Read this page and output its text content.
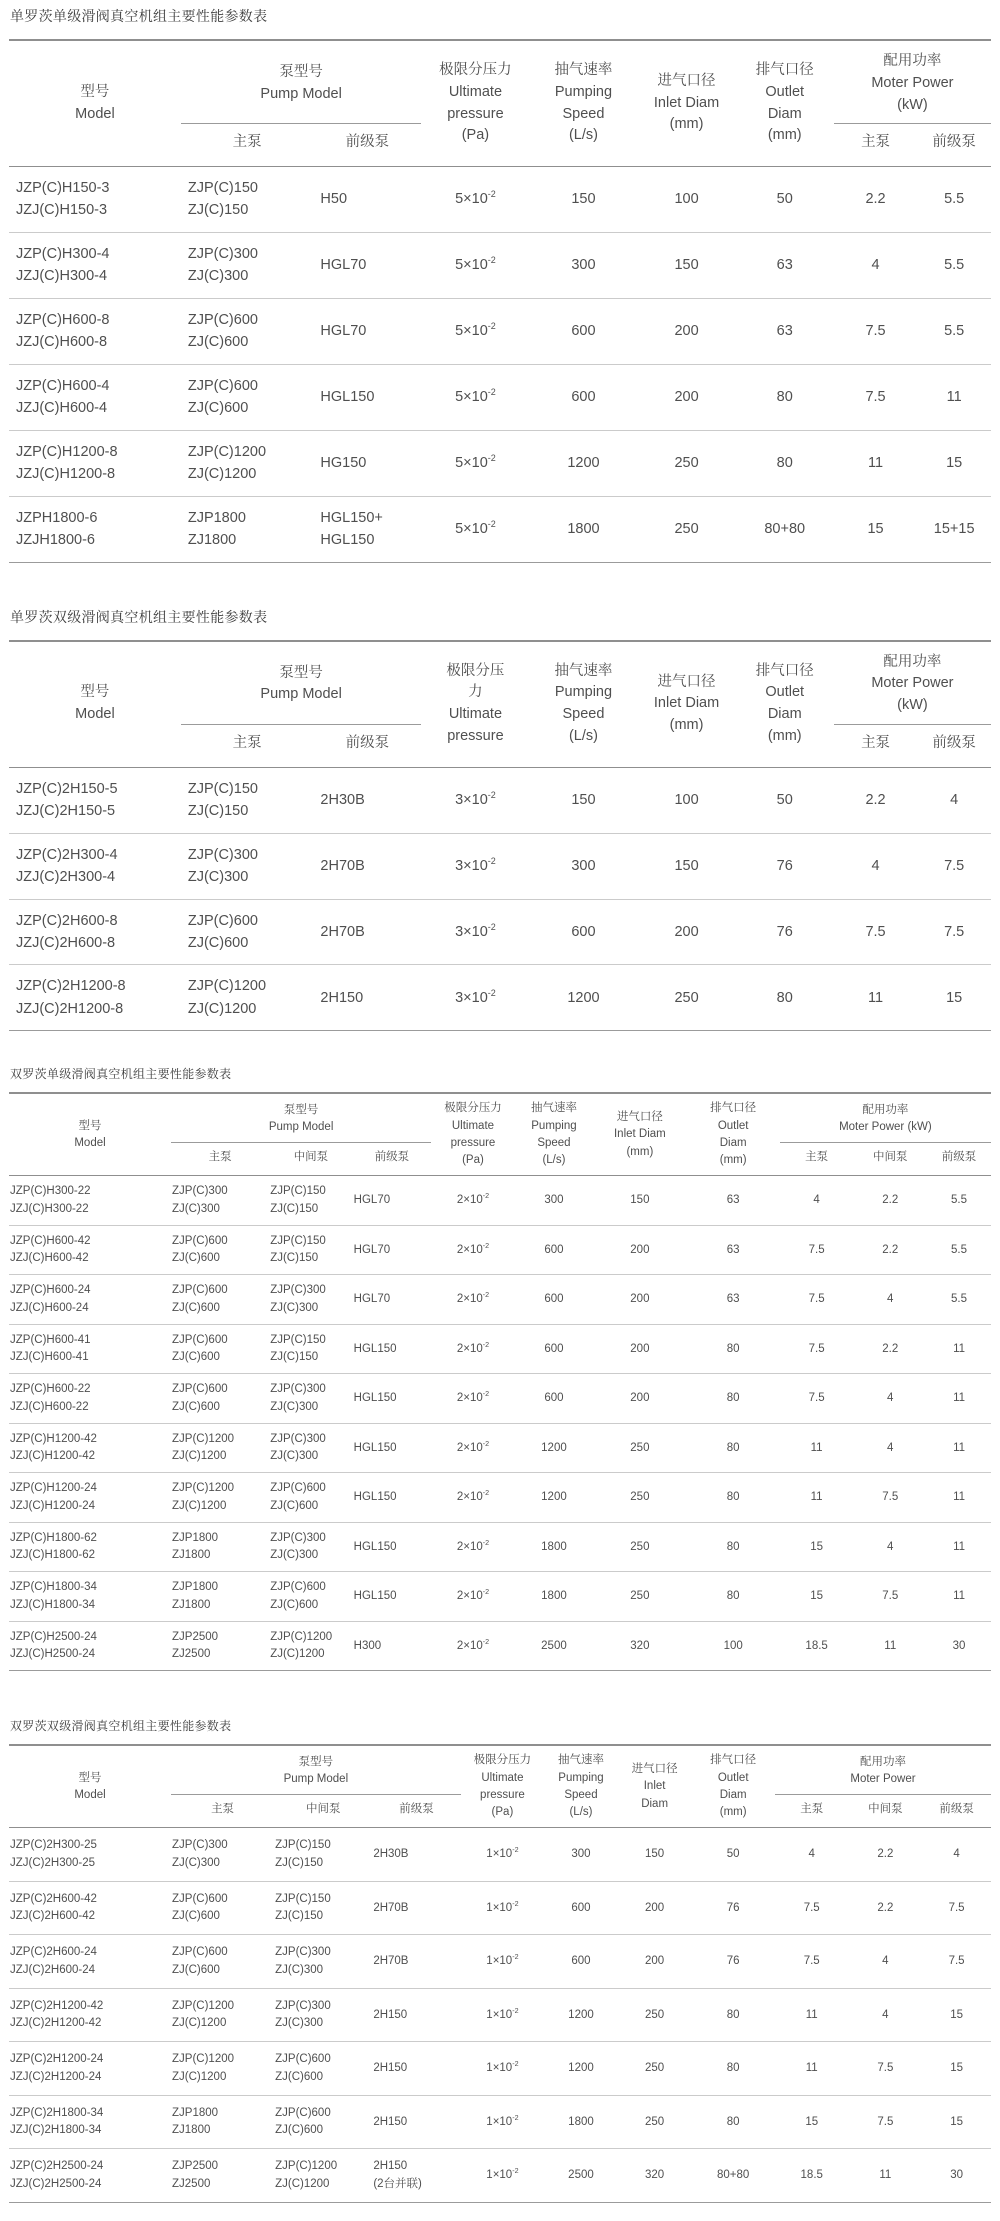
单罗茨单级滑阀真空机组主要性能参数表
型号
Model	泵型号
Pump Model		极限分压力
Ultimate
pressure
(Pa)	抽气速率
Pumping
Speed
(L/s)	进气口径
Inlet Diam
(mm)	排气口径
Outlet
Diam
(mm)	配用功率
Moter Power
(kW)	
	主泵	前级泵					主泵	前级泵
JZP(C)H150-3
JZJ(C)H150-3	ZJP(C)150
ZJ(C)150	H50	$5\times 10^{-2}$	150	100	50	2.2	5.5
JZP(C)H300-4
JZJ(C)H300-4	ZJP(C)300
ZJ(C)300	HGL70	$5\times 10^{-2}$	300	150	63	4	5.5
JZP(C)H600-8
JZJ(C)H600-8	ZJP(C)600
ZJ(C)600	HGL70	$5\times 10^{-2}$	600	200	63	7.5	5.5
JZP(C)H600-4
JZJ(C)H600-4	ZJP(C)600
ZJ(C)600	HGL150	$5\times 10^{-2}$	600	200	80	7.5	11
JZP(C)H1200-8
JZJ(C)H1200-8	ZJP(C)1200
ZJ(C)1200	HG150	$5\times 10^{-2}$	1200	250	80	11	15
JZPH1800-6
JZJH1800-6	ZJP1800
ZJ1800	HGL150+
HGL150	$5\times 10^{-2}$	1800	250	80+80	15	15+15
单罗茨双级滑阀真空机组主要性能参数表
型号
Model	泵型号
Pump Model		极限分压
力
Ultimate
pressure	抽气速率
Pumping
Speed
(L/s)	进气口径
Inlet Diam
(mm)	排气口径
Outlet
Diam
(mm)	配用功率
Moter Power
(kW)	
	主泵	前级泵					主泵	前级泵
JZP(C)2H150-5
JZJ(C)2H150-5	ZJP(C)150
ZJ(C)150	2H30B	$3\times 10^{-2}$	150	100	50	2.2	4
JZP(C)2H300-4
JZJ(C)2H300-4	ZJP(C)300
ZJ(C)300	2H70B	$3\times 10^{-2}$	300	150	76	4	7.5
JZP(C)2H600-8
JZJ(C)2H600-8	ZJP(C)600
ZJ(C)600	2H70B	$3\times 10^{-2}$	600	200	76	7.5	7.5
JZP(C)2H1200-8
JZJ(C)2H1200-8	ZJP(C)1200
ZJ(C)1200	2H150	$3\times 10^{-2}$	1200	250	80	11	15
双罗茨单级滑阀真空机组主要性能参数表
型号
Model	泵型号
Pump Model			极限分压力
Ultimate
pressure
(Pa)	抽气速率
Pumping
Speed
(L/s)	进气口径
Inlet Diam
(mm)	排气口径
Outlet
Diam
(mm)	配用功率
Moter Power (kW)		
	主泵	中间泵	前级泵					主泵	中间泵	前级泵
JZP(C)H300-22
JZJ(C)H300-22	ZJP(C)300
ZJ(C)300	ZJP(C)150
ZJ(C)150	HGL70	$2\times 10^{-2}$	300	150	63	4	2.2	5.5
JZP(C)H600-42
JZJ(C)H600-42	ZJP(C)600
ZJ(C)600	ZJP(C)150
ZJ(C)150	HGL70	$2\times 10^{-2}$	600	200	63	7.5	2.2	5.5
JZP(C)H600-24
JZJ(C)H600-24	ZJP(C)600
ZJ(C)600	ZJP(C)300
ZJ(C)300	HGL70	$2\times 10^{-2}$	600	200	63	7.5	4	5.5
JZP(C)H600-41
JZJ(C)H600-41	ZJP(C)600
ZJ(C)600	ZJP(C)150
ZJ(C)150	HGL150	$2\times 10^{-2}$	600	200	80	7.5	2.2	11
JZP(C)H600-22
JZJ(C)H600-22	ZJP(C)600
ZJ(C)600	ZJP(C)300
ZJ(C)300	HGL150	$2\times 10^{-2}$	600	200	80	7.5	4	11
JZP(C)H1200-42
JZJ(C)H1200-42	ZJP(C)1200
ZJ(C)1200	ZJP(C)300
ZJ(C)300	HGL150	$2\times 10^{-2}$	1200	250	80	11	4	11
JZP(C)H1200-24
JZJ(C)H1200-24	ZJP(C)1200
ZJ(C)1200	ZJP(C)600
ZJ(C)600	HGL150	$2\times 10^{-2}$	1200	250	80	11	7.5	11
JZP(C)H1800-62
JZJ(C)H1800-62	ZJP1800
ZJ1800	ZJP(C)300
ZJ(C)300	HGL150	$2\times 10^{-2}$	1800	250	80	15	4	11
JZP(C)H1800-34
JZJ(C)H1800-34	ZJP1800
ZJ1800	ZJP(C)600
ZJ(C)600	HGL150	$2\times 10^{-2}$	1800	250	80	15	7.5	11
JZP(C)H2500-24
JZJ(C)H2500-24	ZJP2500
ZJ2500	ZJP(C)1200
ZJ(C)1200	H300	$2\times 10^{-2}$	2500	320	100	18.5	11	30
双罗茨双级滑阀真空机组主要性能参数表
型号
Model	泵型号
Pump Model			极限分压力
Ultimate
pressure
(Pa)	抽气速率
Pumping
Speed
(L/s)	进气口径
Inlet
Diam	排气口径
Outlet
Diam
(mm)	配用功率
Moter Power		
	主泵	中间泵	前级泵					主泵	中间泵	前级泵
JZP(C)2H300-25
JZJ(C)2H300-25	ZJP(C)300
ZJ(C)300	ZJP(C)150
ZJ(C)150	2H30B	$1\times 10^{-2}$	300	150	50	4	2.2	4
JZP(C)2H600-42
JZJ(C)2H600-42	ZJP(C)600
ZJ(C)600	ZJP(C)150
ZJ(C)150	2H70B	$1\times 10^{-2}$	600	200	76	7.5	2.2	7.5
JZP(C)2H600-24
JZJ(C)2H600-24	ZJP(C)600
ZJ(C)600	ZJP(C)300
ZJ(C)300	2H70B	$1\times 10^{-2}$	600	200	76	7.5	4	7.5
JZP(C)2H1200-42
JZJ(C)2H1200-42	ZJP(C)1200
ZJ(C)1200	ZJP(C)300
ZJ(C)300	2H150	$1\times 10^{-2}$	1200	250	80	11	4	15
JZP(C)2H1200-24
JZJ(C)2H1200-24	ZJP(C)1200
ZJ(C)1200	ZJP(C)600
ZJ(C)600	2H150	$1\times 10^{-2}$	1200	250	80	11	7.5	15
JZP(C)2H1800-34
JZJ(C)2H1800-34	ZJP1800
ZJ1800	ZJP(C)600
ZJ(C)600	2H150	$1\times 10^{-2}$	1800	250	80	15	7.5	15
JZP(C)2H2500-24
JZJ(C)2H2500-24	ZJP2500
ZJ2500	ZJP(C)1200
ZJ(C)1200	2H150
(2台并联)	$1\times 10^{-2}$	2500	320	80+80	18.5	11	30
